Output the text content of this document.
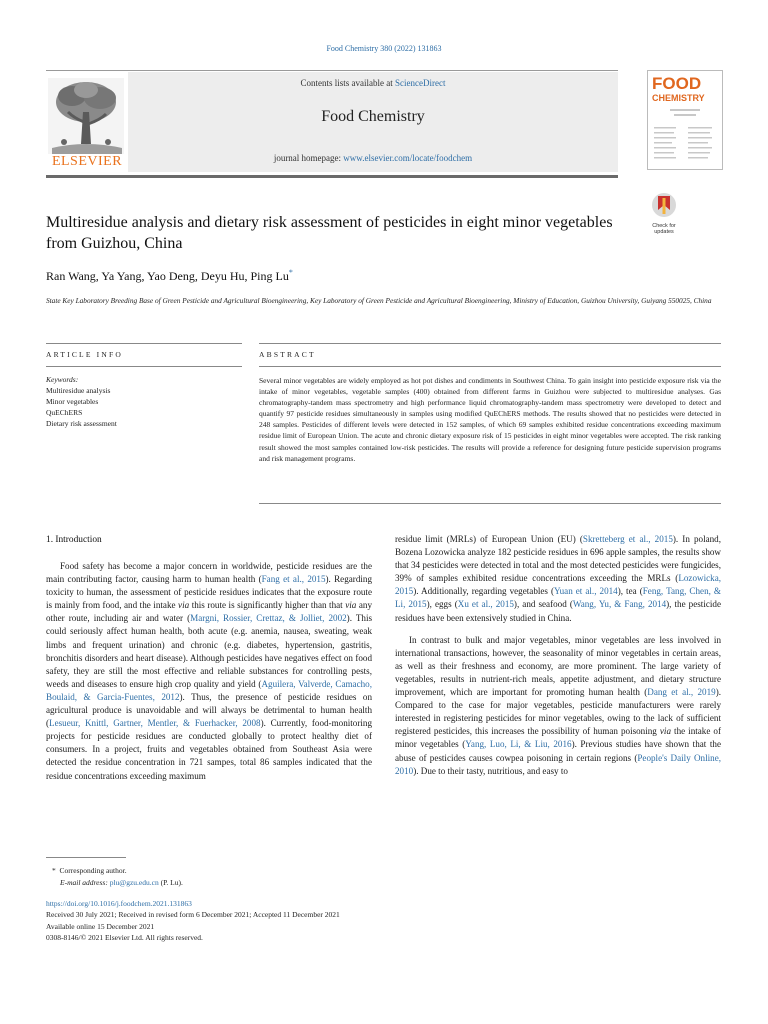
Food Chemistry 380 (2022) 131863
ELSEVIER
Contents lists available at ScienceDirect
Food Chemistry
journal homepage: www.elsevier.com/locate/foodchem
FOOD
CHEMISTRY
Check for
updates
Multiresidue analysis and dietary risk assessment of pesticides in eight minor vegetables from Guizhou, China
Ran Wang, Ya Yang, Yao Deng, Deyu Hu, Ping Lu*
State Key Laboratory Breeding Base of Green Pesticide and Agricultural Bioengineering, Key Laboratory of Green Pesticide and Agricultural Bioengineering, Ministry of Education, Guizhou University, Guiyang 550025, China
ARTICLE INFO
Keywords:
Multiresidue analysis
Minor vegetables
QuEChERS
Dietary risk assessment
ABSTRACT
Several minor vegetables are widely employed as hot pot dishes and condiments in Southwest China. To gain insight into pesticide exposure risk via the intake of minor vegetables, vegetable samples (400) obtained from different farms in Guizhou were subjected to multiresidue analyses. Gas chromatography-tandem mass spectrometry and high performance liquid chromatography-tandem mass spectrometry were developed to detect and quantify 97 pesticide residues simultaneously in samples using modified QuEChERS methods. The results showed that no pesticides were detected in 248 samples. Pesticides of different levels were detected in 152 samples, of which 69 samples exhibited residue concentrations exceeding maximum residue limit of European Union. The acute and chronic dietary exposure risk of 15 pesticides in eight minor vegetables were accepted. The risk ranking result showed the most samples contained low-risk pesticides. The results will provide a reference for designing future pesticide supervision programs and risk management programs.
1. Introduction

Food safety has become a major concern in worldwide, pesticide residues are the main contributing factor, causing harm to human health (Fang et al., 2015). Regarding toxicity to human, the assessment of pesticide residues indicates that the exposure route is mainly from food, and the intake via this route is significantly higher than that via any other route, including air and water (Margni, Rossier, Crettaz, & Jolliet, 2002). This could seriously affect human health, both acute (e.g. anemia, nausea, sweating, weak limbs and frequent urination) and chronic (e.g. diabetes, hypertension, gastritis, bronchitis disorders and heart disease). Although pesticides have negatives effect on food safety, they are still the most effective and reliable substances for controlling pests, weeds and diseases to ensure high crop quality and yield (Aguilera, Valverde, Camacho, Boulaid, & Garcia-Fuentes, 2012). Thus, the presence of pesticide residues on agricultural produce is unavoidable and will always be detrimental to human health (Lesueur, Knittl, Gartner, Mentler, & Fuerhacker, 2008). Currently, food-monitoring projects for pesticide residues are conducted globally to protect healthy diet of consumers. In a project, fruits and vegetables obtained from Southeast Asia were detected the residue concentration in 721 sampes, total 86 samples indicated that the residue concentrations exceeding maximum

residue limit (MRLs) of European Union (EU) (Skretteberg et al., 2015). In poland, Bozena Lozowicka analyze 182 pesticide residues in 696 apple samples, the results show that 34 pesticides were detected in total and the most detected pesticides were fungicides, 39% of samples exhibited residue concentrations exceeding the MRLs (Lozowicka, 2015). Additionally, regarding vegetables (Yuan et al., 2014), tea (Feng, Tang, Chen, & Li, 2015), eggs (Xu et al., 2015), and seafood (Wang, Yu, & Fang, 2014), the pesticide residues have been extensively studied in China.

In contrast to bulk and major vegetables, minor vegetables are less involved in international transactions, however, the seasonality of minor vegetables in certain areas, as well as their freshness and economy, are more prominent. The large variety of vegetables, results in nutrient-rich meals, appetite adjustment, and dietary structure improvement, which are important for promoting human health (Dang et al., 2019). Compared to the case for major vegetables, pesticide manufacturers were rarely interested in registering pesticides for minor vegetables, owing to the lack of sufficient registered pesticides, this increases the possibility of human poisoning via the intake of minor vegetables (Yang, Luo, Li, & Liu, 2016). Previous studies have shown that the abuse of pesticides causes cowpea poisoning in certain regions (People's Daily Online, 2010). Due to their tasty, nutritious, and easy to

* Corresponding author.
E-mail address: plu@gzu.edu.cn (P. Lu).
https://doi.org/10.1016/j.foodchem.2021.131863
Received 30 July 2021; Received in revised form 6 December 2021; Accepted 11 December 2021
Available online 15 December 2021
0308-8146/© 2021 Elsevier Ltd. All rights reserved.
